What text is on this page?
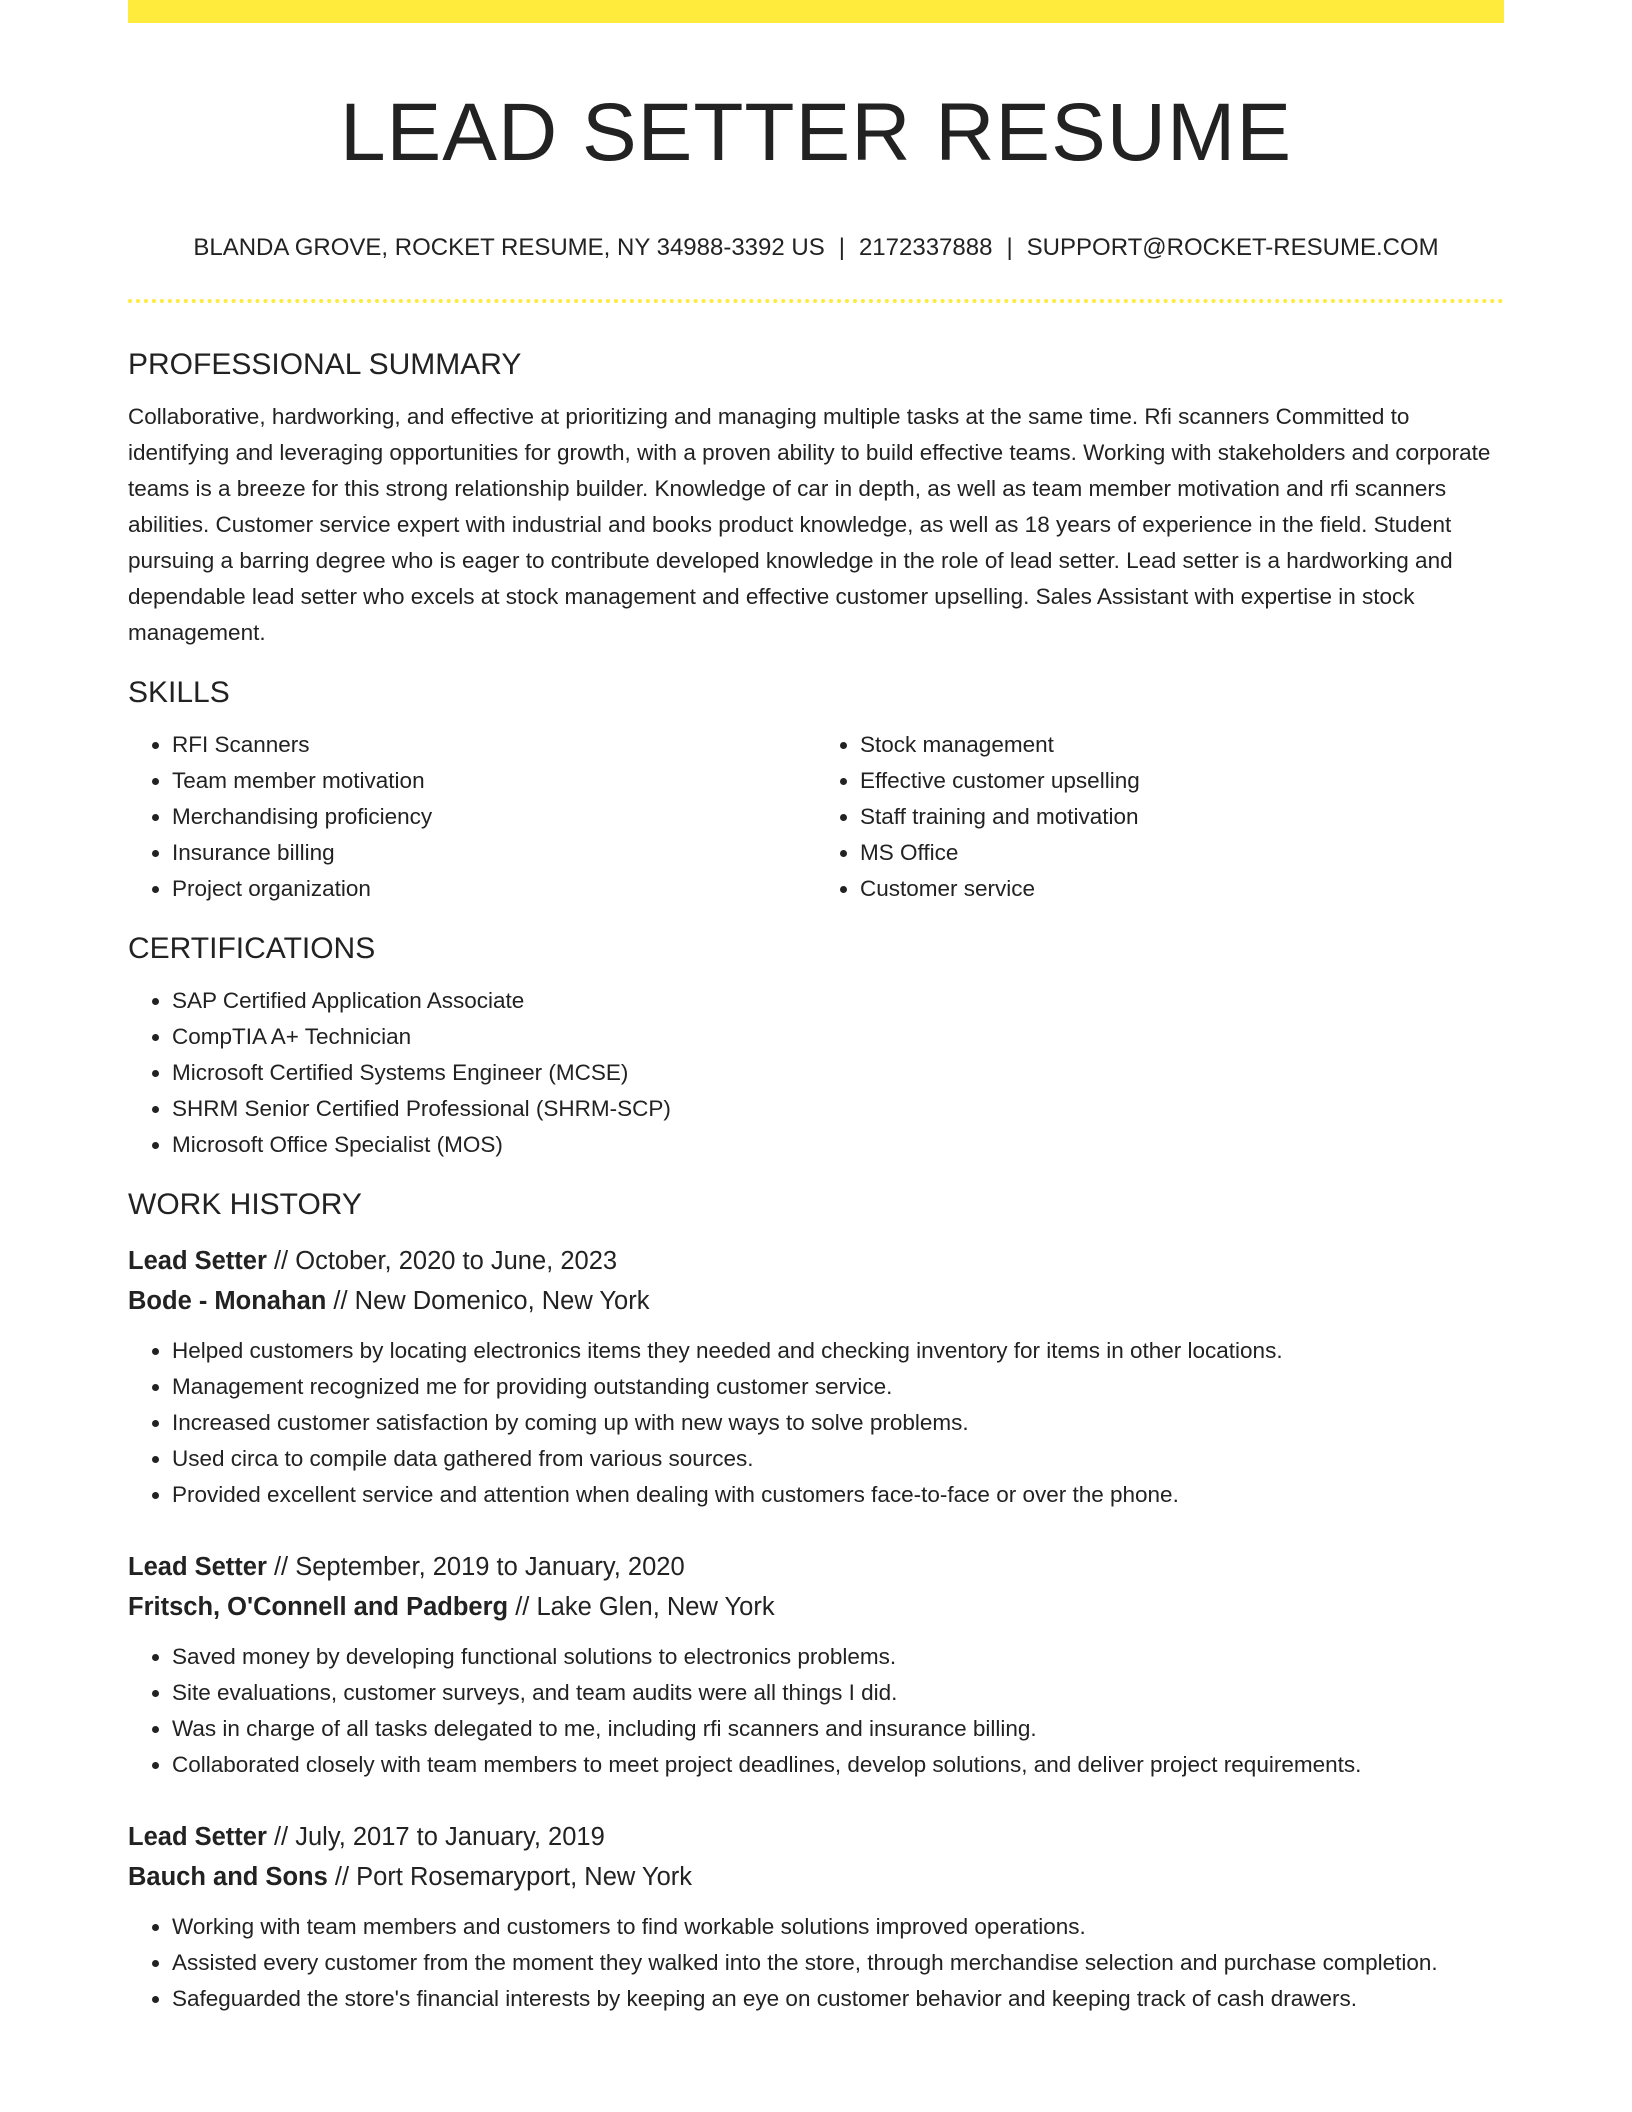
LEAD SETTER RESUME
BLANDA GROVE, ROCKET RESUME, NY 34988-3392 US | 2172337888 | SUPPORT@ROCKET-RESUME.COM
PROFESSIONAL SUMMARY

Collaborative, hardworking, and effective at prioritizing and managing multiple tasks at the same time. Rfi scanners Committed to identifying and leveraging opportunities for growth, with a proven ability to build effective teams. Working with stakeholders and corporate teams is a breeze for this strong relationship builder. Knowledge of car in depth, as well as team member motivation and rfi scanners abilities. Customer service expert with industrial and books product knowledge, as well as 18 years of experience in the field. Student pursuing a barring degree who is eager to contribute developed knowledge in the role of lead setter. Lead setter is a hardworking and dependable lead setter who excels at stock management and effective customer upselling. Sales Assistant with expertise in stock management.

SKILLS
• RFI Scanners
• Team member motivation
• Merchandising proficiency
• Insurance billing
• Project organization
• Stock management
• Effective customer upselling
• Staff training and motivation
• MS Office
• Customer service
CERTIFICATIONS
• SAP Certified Application Associate
• CompTIA A+ Technician
• Microsoft Certified Systems Engineer (MCSE)
• SHRM Senior Certified Professional (SHRM-SCP)
• Microsoft Office Specialist (MOS)
WORK HISTORY
Lead Setter // October, 2020 to June, 2023
Bode - Monahan // New Domenico, New York
• Helped customers by locating electronics items they needed and checking inventory for items in other locations.
• Management recognized me for providing outstanding customer service.
• Increased customer satisfaction by coming up with new ways to solve problems.
• Used circa to compile data gathered from various sources.
• Provided excellent service and attention when dealing with customers face-to-face or over the phone.
Lead Setter // September, 2019 to January, 2020
Fritsch, O'Connell and Padberg // Lake Glen, New York
• Saved money by developing functional solutions to electronics problems.
• Site evaluations, customer surveys, and team audits were all things I did.
• Was in charge of all tasks delegated to me, including rfi scanners and insurance billing.
• Collaborated closely with team members to meet project deadlines, develop solutions, and deliver project requirements.
Lead Setter // July, 2017 to January, 2019
Bauch and Sons // Port Rosemaryport, New York
• Working with team members and customers to find workable solutions improved operations.
• Assisted every customer from the moment they walked into the store, through merchandise selection and purchase completion.
• Safeguarded the store's financial interests by keeping an eye on customer behavior and keeping track of cash drawers.
